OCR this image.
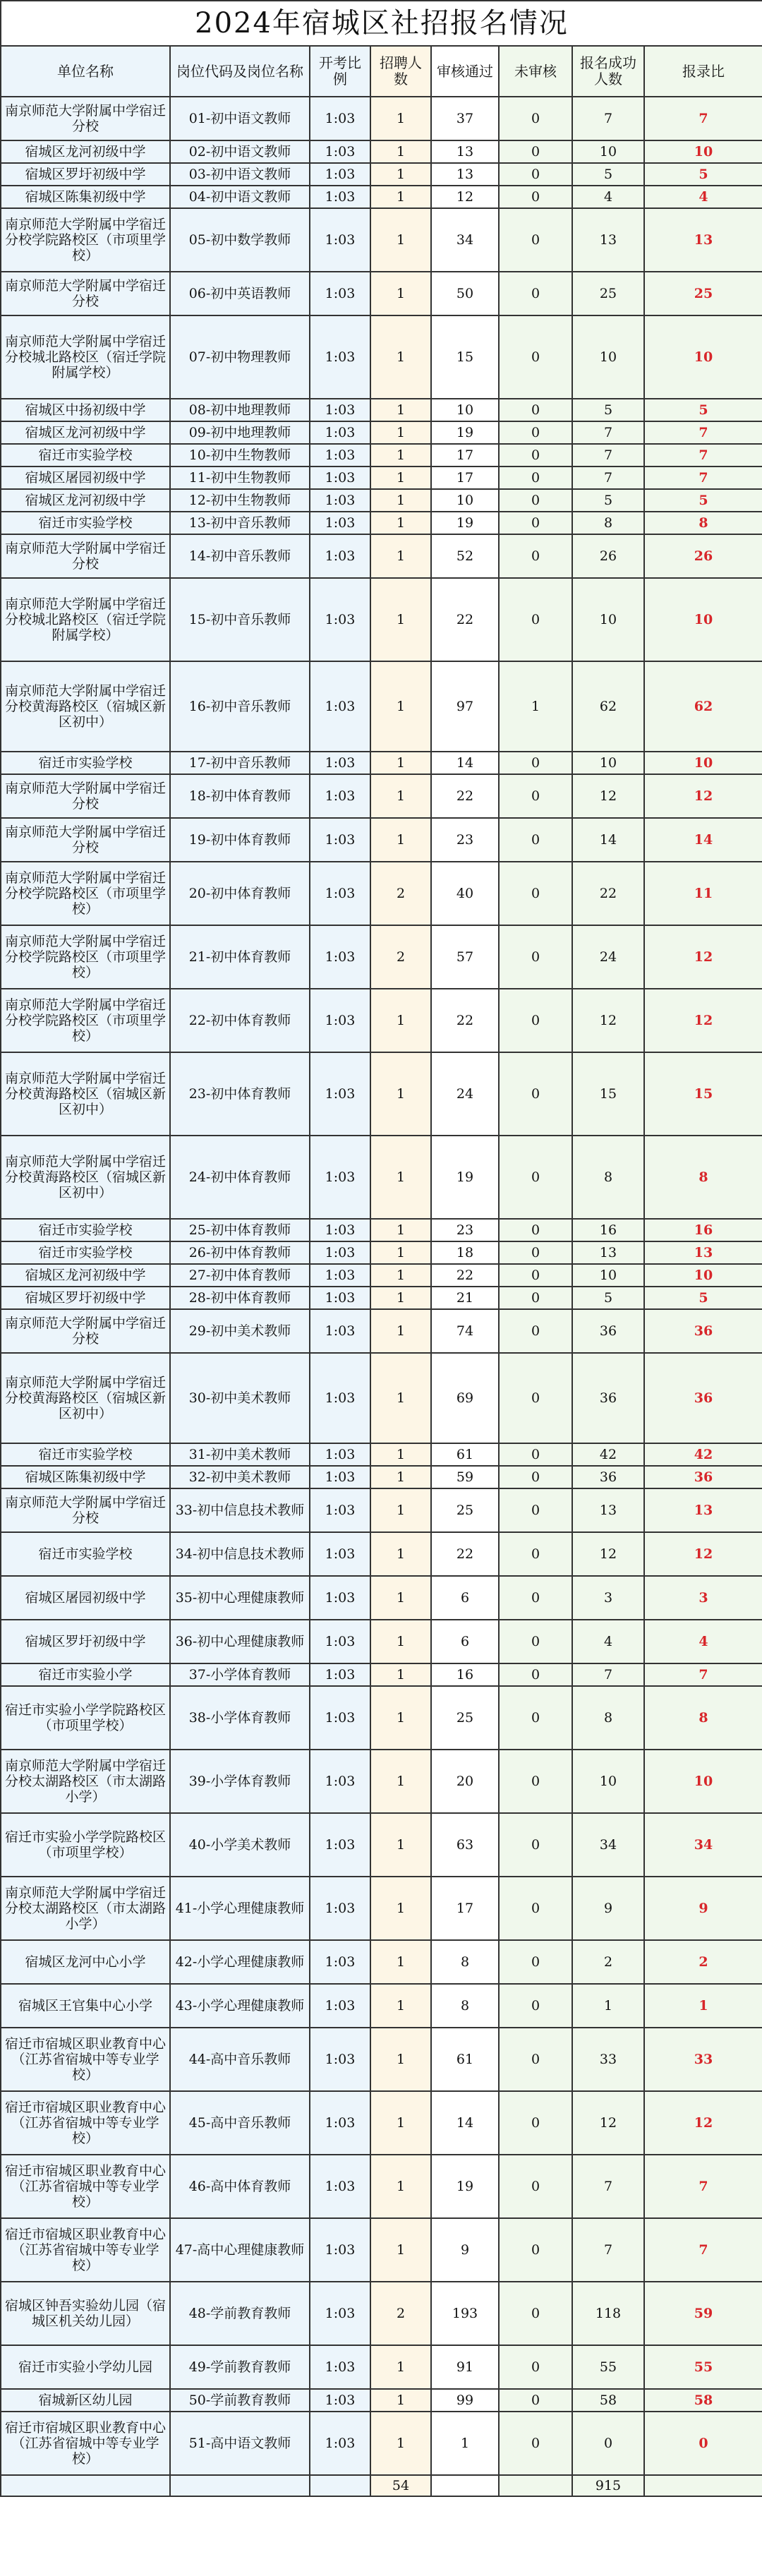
2024年宿城区社招报名情况							
单位名称	岗位代码及岗位名称	开考比例	招聘人数	审核通过	未审核	报名成功人数	报录比
南京师范大学附属中学宿迁分校	01-初中语文教师	1:03	1	37	0	7	7
宿城区龙河初级中学	02-初中语文教师	1:03	1	13	0	10	10
宿城区罗圩初级中学	03-初中语文教师	1:03	1	13	0	5	5
宿城区陈集初级中学	04-初中语文教师	1:03	1	12	0	4	4
南京师范大学附属中学宿迁分校学院路校区（市项里学校）	05-初中数学教师	1:03	1	34	0	13	13
南京师范大学附属中学宿迁分校	06-初中英语教师	1:03	1	50	0	25	25
南京师范大学附属中学宿迁分校城北路校区（宿迁学院附属学校）	07-初中物理教师	1:03	1	15	0	10	10
宿城区中扬初级中学	08-初中地理教师	1:03	1	10	0	5	5
宿城区龙河初级中学	09-初中地理教师	1:03	1	19	0	7	7
宿迁市实验学校	10-初中生物教师	1:03	1	17	0	7	7
宿城区屠园初级中学	11-初中生物教师	1:03	1	17	0	7	7
宿城区龙河初级中学	12-初中生物教师	1:03	1	10	0	5	5
宿迁市实验学校	13-初中音乐教师	1:03	1	19	0	8	8
南京师范大学附属中学宿迁分校	14-初中音乐教师	1:03	1	52	0	26	26
南京师范大学附属中学宿迁分校城北路校区（宿迁学院附属学校）	15-初中音乐教师	1:03	1	22	0	10	10
南京师范大学附属中学宿迁分校黄海路校区（宿城区新区初中）	16-初中音乐教师	1:03	1	97	1	62	62
宿迁市实验学校	17-初中音乐教师	1:03	1	14	0	10	10
南京师范大学附属中学宿迁分校	18-初中体育教师	1:03	1	22	0	12	12
南京师范大学附属中学宿迁分校	19-初中体育教师	1:03	1	23	0	14	14
南京师范大学附属中学宿迁分校学院路校区（市项里学校）	20-初中体育教师	1:03	2	40	0	22	11
南京师范大学附属中学宿迁分校学院路校区（市项里学校）	21-初中体育教师	1:03	2	57	0	24	12
南京师范大学附属中学宿迁分校学院路校区（市项里学校）	22-初中体育教师	1:03	1	22	0	12	12
南京师范大学附属中学宿迁分校黄海路校区（宿城区新区初中）	23-初中体育教师	1:03	1	24	0	15	15
南京师范大学附属中学宿迁分校黄海路校区（宿城区新区初中）	24-初中体育教师	1:03	1	19	0	8	8
宿迁市实验学校	25-初中体育教师	1:03	1	23	0	16	16
宿迁市实验学校	26-初中体育教师	1:03	1	18	0	13	13
宿城区龙河初级中学	27-初中体育教师	1:03	1	22	0	10	10
宿城区罗圩初级中学	28-初中体育教师	1:03	1	21	0	5	5
南京师范大学附属中学宿迁分校	29-初中美术教师	1:03	1	74	0	36	36
南京师范大学附属中学宿迁分校黄海路校区（宿城区新区初中）	30-初中美术教师	1:03	1	69	0	36	36
宿迁市实验学校	31-初中美术教师	1:03	1	61	0	42	42
宿城区陈集初级中学	32-初中美术教师	1:03	1	59	0	36	36
南京师范大学附属中学宿迁分校	33-初中信息技术教师	1:03	1	25	0	13	13
宿迁市实验学校	34-初中信息技术教师	1:03	1	22	0	12	12
宿城区屠园初级中学	35-初中心理健康教师	1:03	1	6	0	3	3
宿城区罗圩初级中学	36-初中心理健康教师	1:03	1	6	0	4	4
宿迁市实验小学	37-小学体育教师	1:03	1	16	0	7	7
宿迁市实验小学学院路校区（市项里学校）	38-小学体育教师	1:03	1	25	0	8	8
南京师范大学附属中学宿迁分校太湖路校区（市太湖路小学）	39-小学体育教师	1:03	1	20	0	10	10
宿迁市实验小学学院路校区（市项里学校）	40-小学美术教师	1:03	1	63	0	34	34
南京师范大学附属中学宿迁分校太湖路校区（市太湖路小学）	41-小学心理健康教师	1:03	1	17	0	9	9
宿城区龙河中心小学	42-小学心理健康教师	1:03	1	8	0	2	2
宿城区王官集中心小学	43-小学心理健康教师	1:03	1	8	0	1	1
宿迁市宿城区职业教育中心（江苏省宿城中等专业学校）	44-高中音乐教师	1:03	1	61	0	33	33
宿迁市宿城区职业教育中心（江苏省宿城中等专业学校）	45-高中音乐教师	1:03	1	14	0	12	12
宿迁市宿城区职业教育中心（江苏省宿城中等专业学校）	46-高中体育教师	1:03	1	19	0	7	7
宿迁市宿城区职业教育中心（江苏省宿城中等专业学校）	47-高中心理健康教师	1:03	1	9	0	7	7
宿城区钟吾实验幼儿园（宿城区机关幼儿园）	48-学前教育教师	1:03	2	193	0	118	59
宿迁市实验小学幼儿园	49-学前教育教师	1:03	1	91	0	55	55
宿城新区幼儿园	50-学前教育教师	1:03	1	99	0	58	58
宿迁市宿城区职业教育中心（江苏省宿城中等专业学校）	51-高中语文教师	1:03	1	1	0	0	0
			54			915	
